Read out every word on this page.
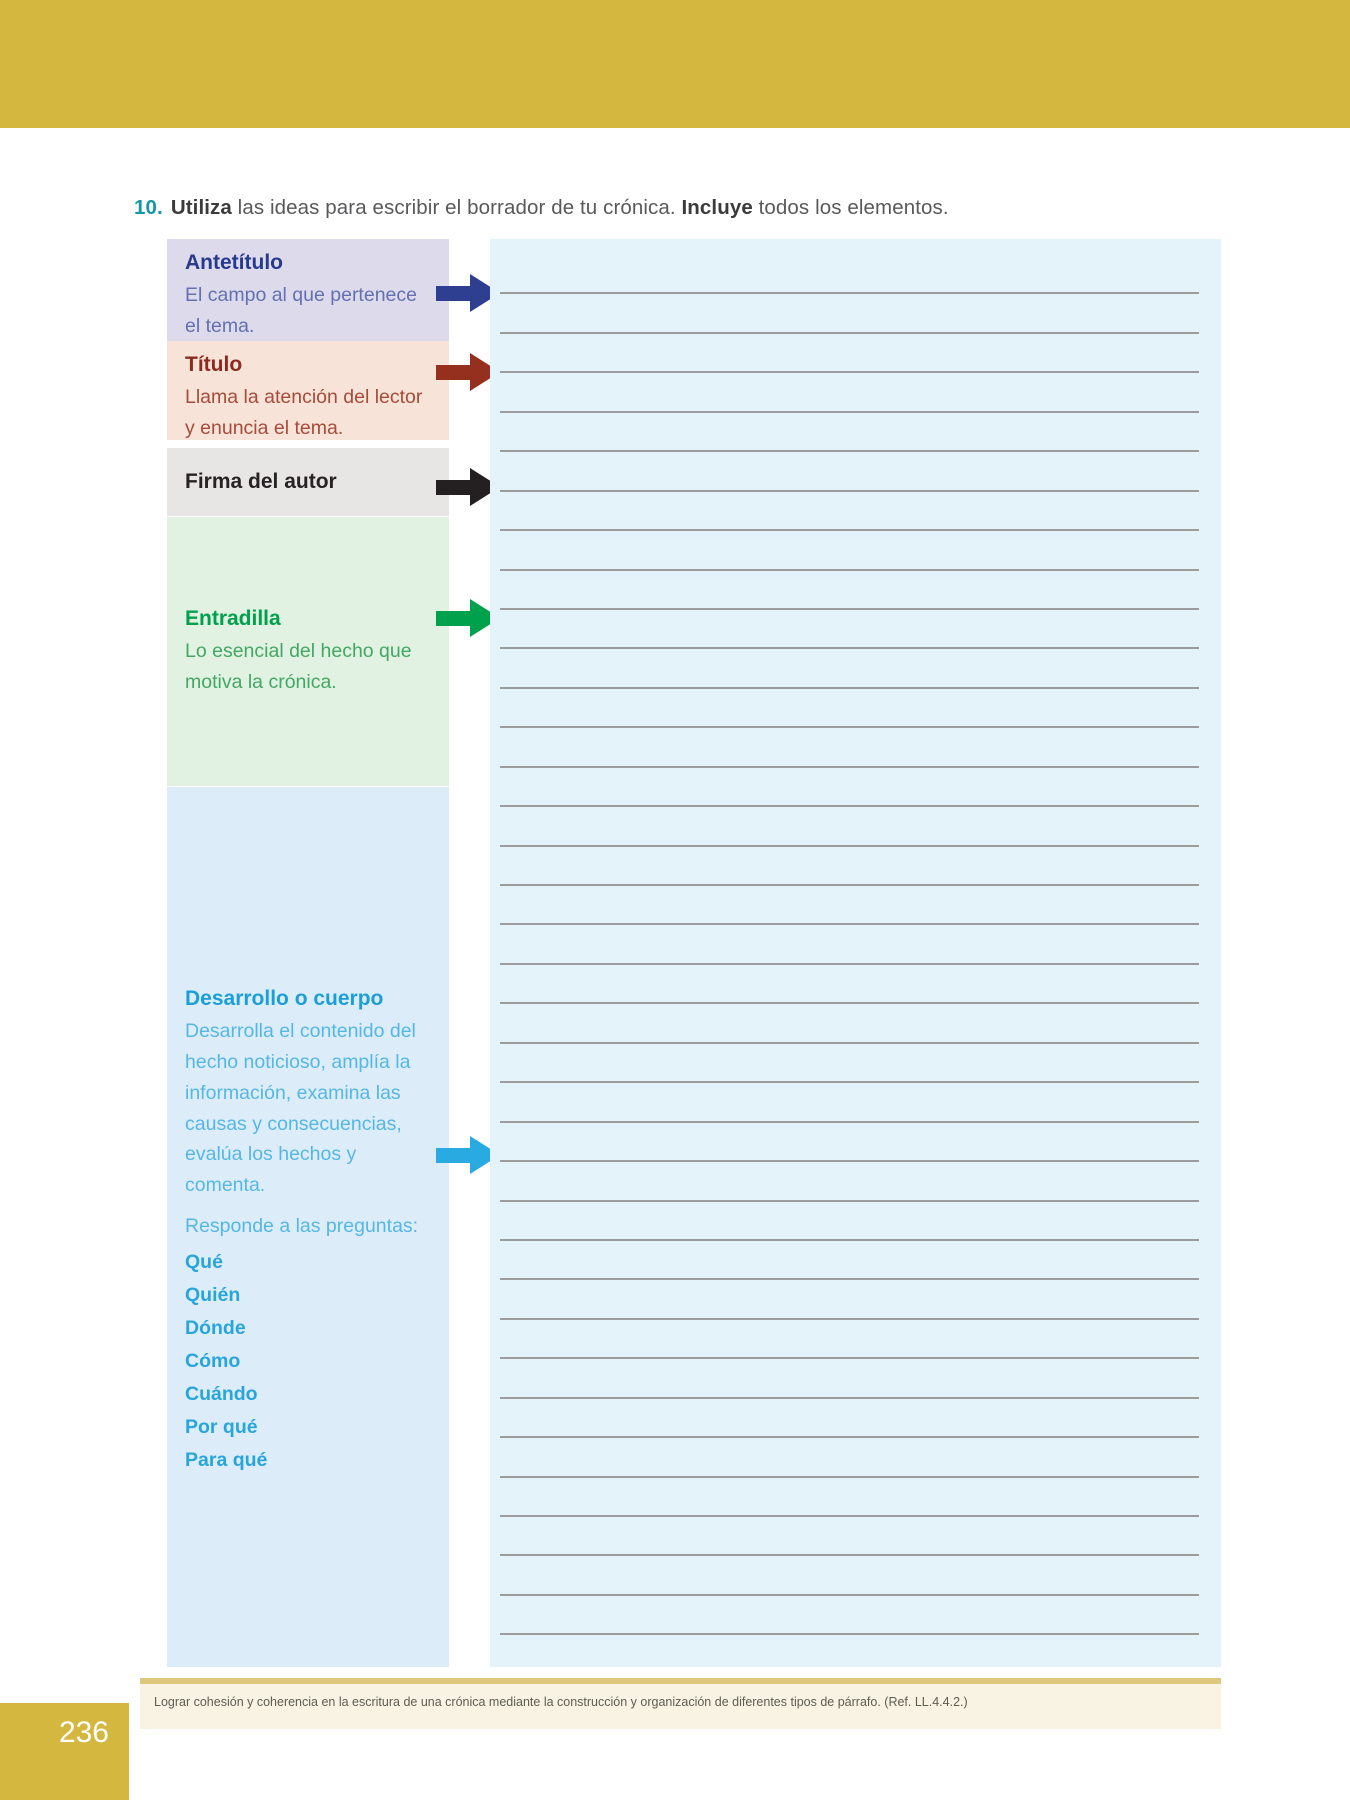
10. Utiliza las ideas para escribir el borrador de tu crónica. Incluye todos los elementos.
Antetítulo
El campo al que pertenece el tema.
Título
Llama la atención del lector y enuncia el tema.
Firma del autor
Entradilla
Lo esencial del hecho que motiva la crónica.
Desarrollo o cuerpo
Desarrolla el contenido del hecho noticioso, amplía la información, examina las causas y consecuencias, evalúa los hechos y comenta.
Responde a las preguntas:
Qué
Quién
Dónde
Cómo
Cuándo
Por qué
Para qué
Lograr cohesión y coherencia en la escritura de una crónica mediante la construcción y organización de diferentes tipos de párrafo. (Ref. LL.4.4.2.)
236
